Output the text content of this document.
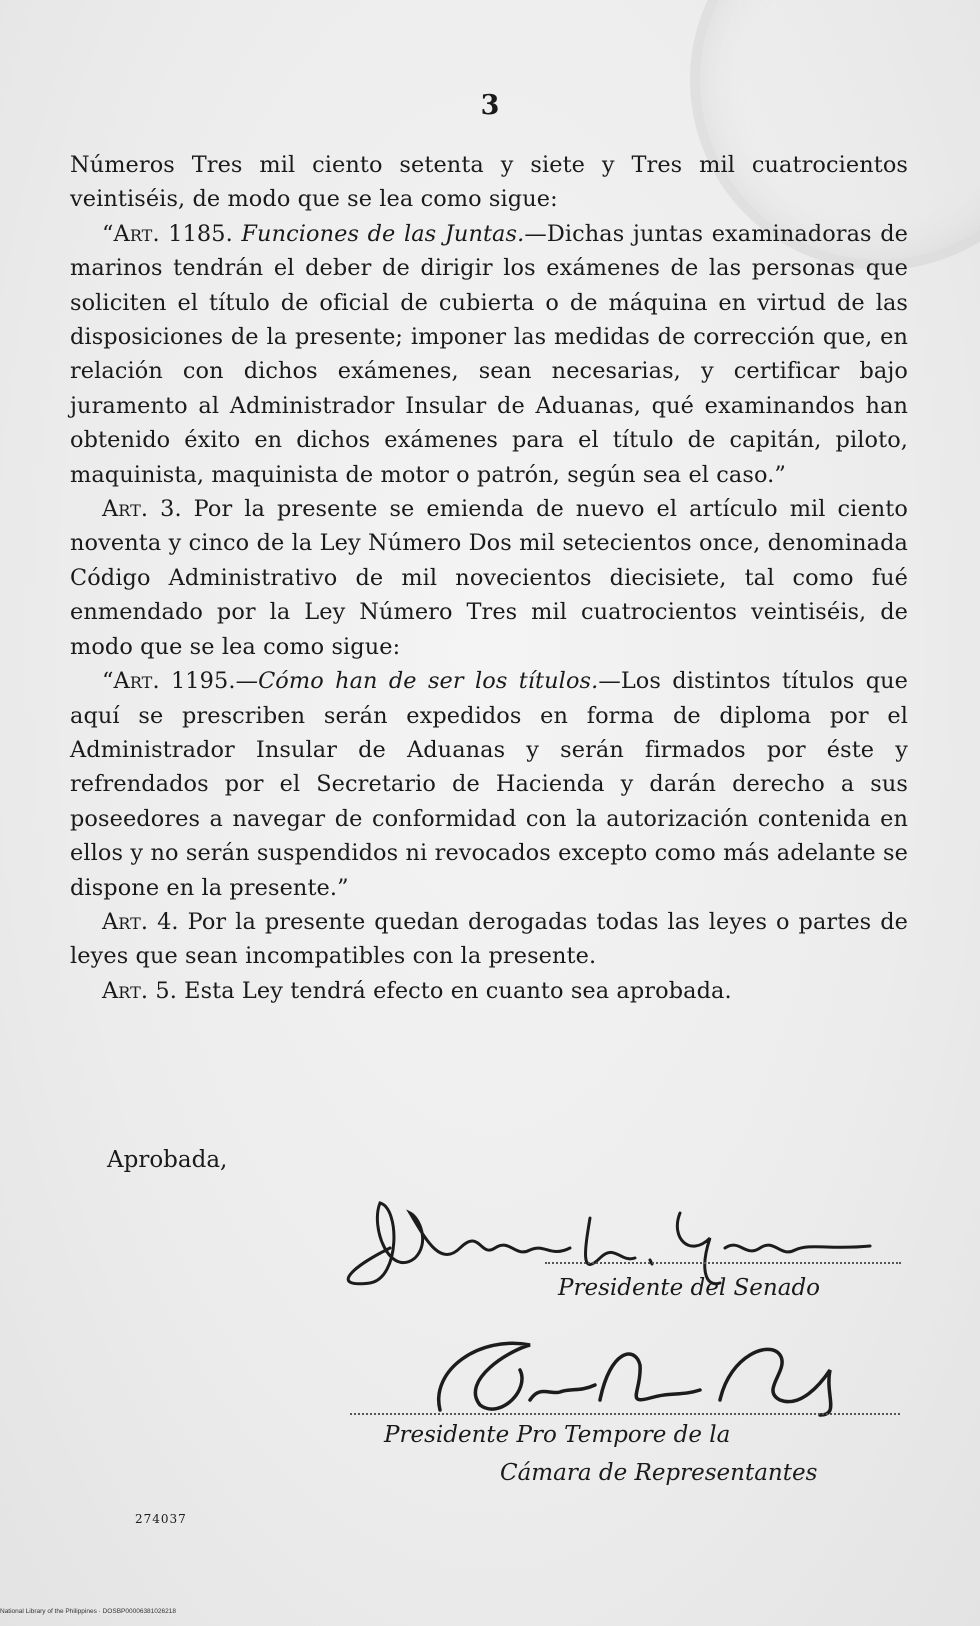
3

Números Tres mil ciento setenta y siete y Tres mil cuatrocientos veintiséis, de modo que se lea como sigue:

“Art. 1185. Funciones de las Juntas.—Dichas juntas examinadoras de marinos tendrán el deber de dirigir los exámenes de las personas que soliciten el título de oficial de cubierta o de máquina en virtud de las disposiciones de la presente; imponer las medidas de corrección que, en relación con dichos exámenes, sean necesarias, y certificar bajo juramento al Administrador Insular de Aduanas, qué examinandos han obtenido éxito en dichos exámenes para el título de capitán, piloto, maquinista, maquinista de motor o patrón, según sea el caso.”

Art. 3. Por la presente se emienda de nuevo el artículo mil ciento noventa y cinco de la Ley Número Dos mil setecientos once, denominada Código Administrativo de mil novecientos diecisiete, tal como fué enmendado por la Ley Número Tres mil cuatrocientos veintiséis, de modo que se lea como sigue:

“Art. 1195.—Cómo han de ser los títulos.—Los distintos títulos que aquí se prescriben serán expedidos en forma de diploma por el Administrador Insular de Aduanas y serán firmados por éste y refrendados por el Secretario de Hacienda y darán derecho a sus poseedores a navegar de conformidad con la autorización contenida en ellos y no serán suspendidos ni revocados excepto como más adelante se dispone en la presente.”

Art. 4. Por la presente quedan derogadas todas las leyes o partes de leyes que sean incompatibles con la presente.

Art. 5. Esta Ley tendrá efecto en cuanto sea aprobada.

Aprobada,
Presidente del Senado
Presidente Pro Tempore de la
Cámara de Representantes
274037
National Library of the Philippines · DOSBP00006381026218
